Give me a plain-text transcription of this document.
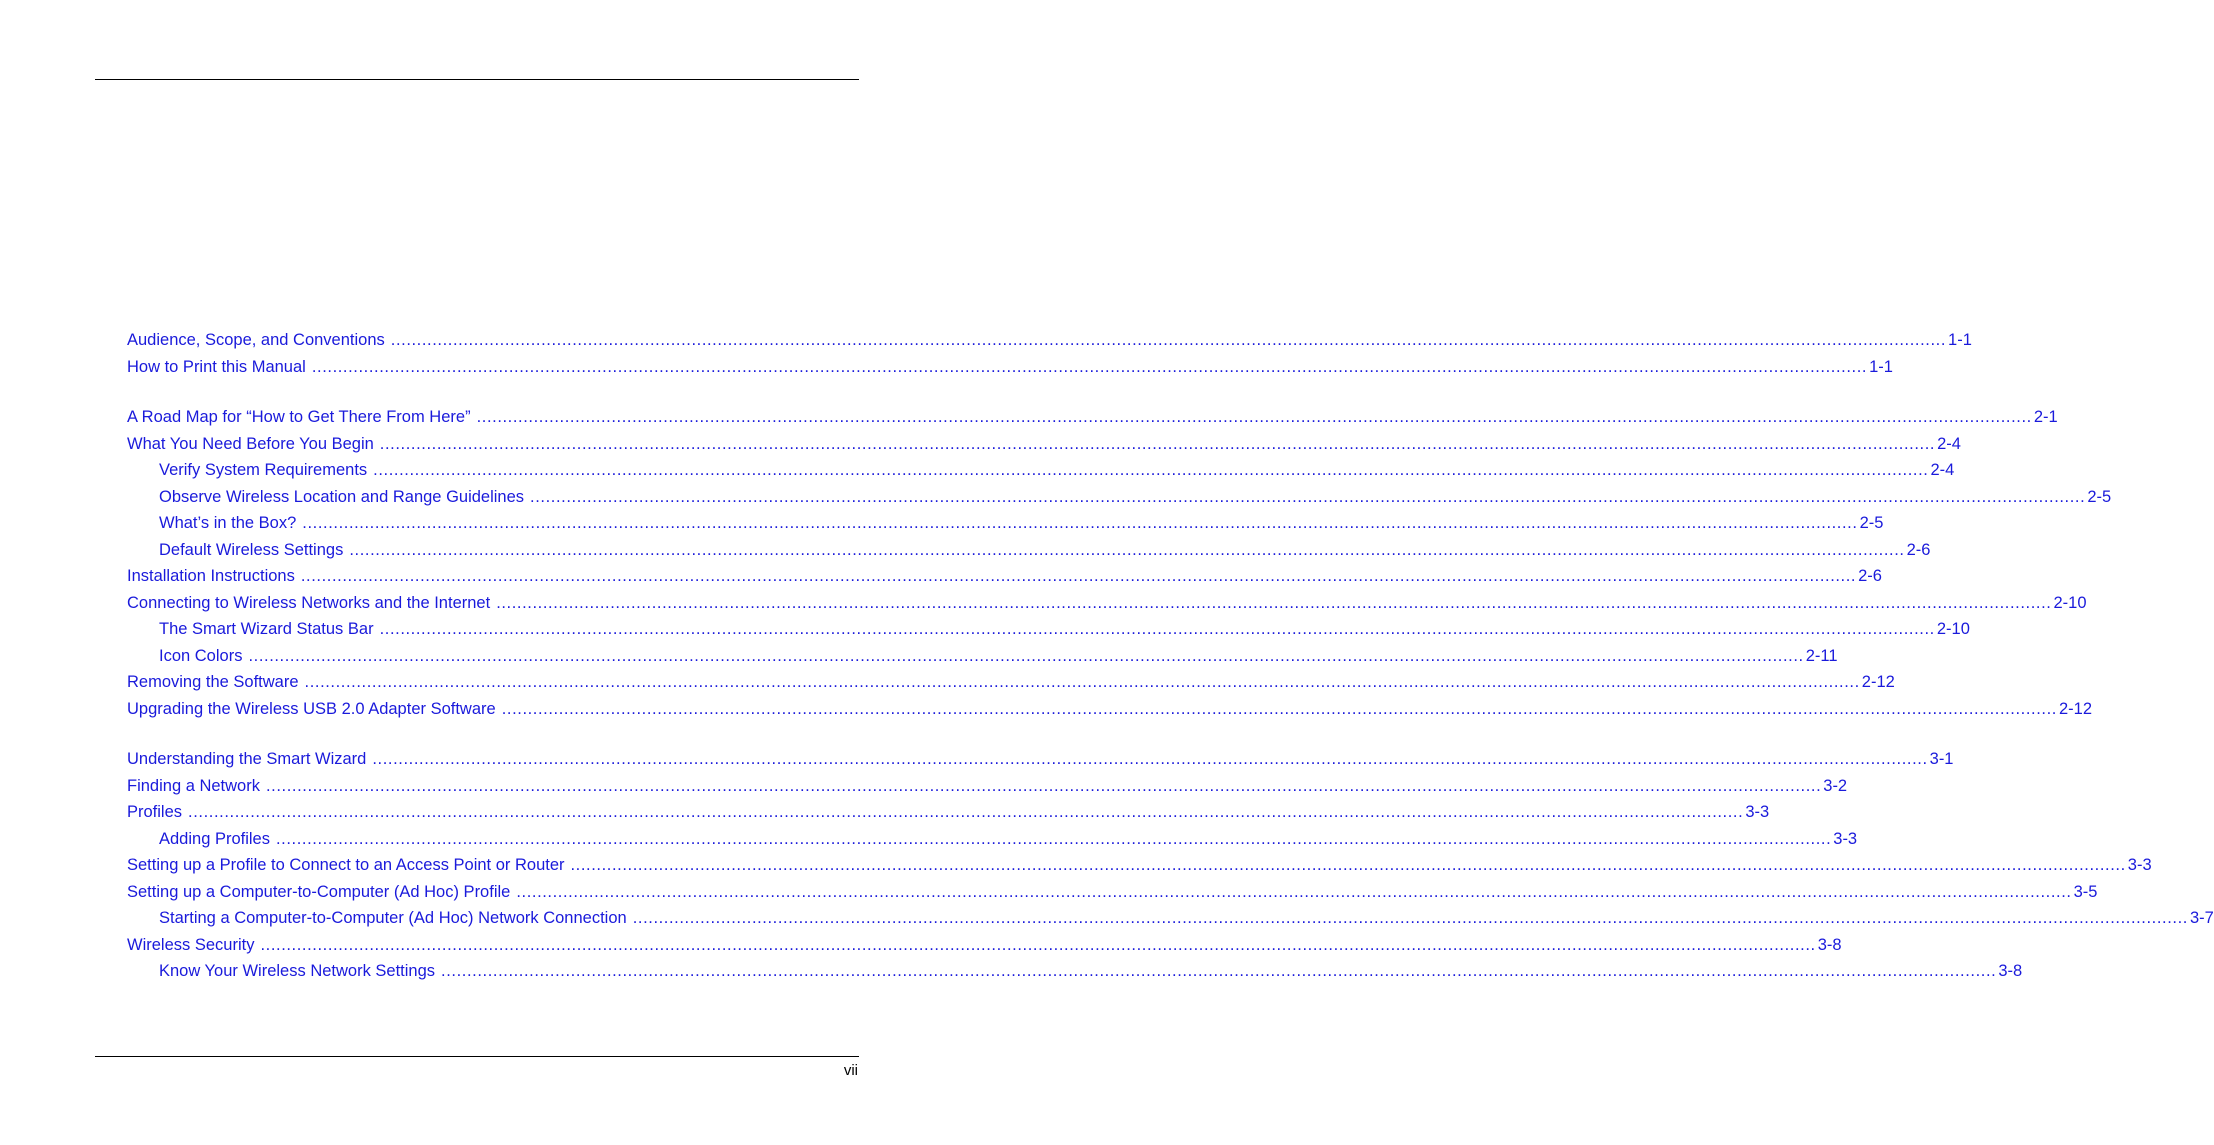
Audience, Scope, and Conventions ............................................................................................................................................................................................................................................................................................................ 1-1
How to Print this Manual ............................................................................................................................................................................................................................................................................................................ 1-1
A Road Map for “How to Get There From Here” ............................................................................................................................................................................................................................................................................................................ 2-1
What You Need Before You Begin ............................................................................................................................................................................................................................................................................................................ 2-4
Verify System Requirements ............................................................................................................................................................................................................................................................................................................ 2-4
Observe Wireless Location and Range Guidelines ............................................................................................................................................................................................................................................................................................................ 2-5
What’s in the Box? ............................................................................................................................................................................................................................................................................................................ 2-5
Default Wireless Settings ............................................................................................................................................................................................................................................................................................................ 2-6
Installation Instructions ............................................................................................................................................................................................................................................................................................................ 2-6
Connecting to Wireless Networks and the Internet ............................................................................................................................................................................................................................................................................................................ 2-10
The Smart Wizard Status Bar ............................................................................................................................................................................................................................................................................................................ 2-10
Icon Colors ............................................................................................................................................................................................................................................................................................................ 2-11
Removing the Software ............................................................................................................................................................................................................................................................................................................ 2-12
Upgrading the Wireless USB 2.0 Adapter Software ............................................................................................................................................................................................................................................................................................................ 2-12
Understanding the Smart Wizard ............................................................................................................................................................................................................................................................................................................ 3-1
Finding a Network ............................................................................................................................................................................................................................................................................................................ 3-2
Profiles ............................................................................................................................................................................................................................................................................................................ 3-3
Adding Profiles ............................................................................................................................................................................................................................................................................................................ 3-3
Setting up a Profile to Connect to an Access Point or Router ............................................................................................................................................................................................................................................................................................................ 3-3
Setting up a Computer-to-Computer (Ad Hoc) Profile ............................................................................................................................................................................................................................................................................................................ 3-5
Starting a Computer-to-Computer (Ad Hoc) Network Connection ............................................................................................................................................................................................................................................................................................................ 3-7
Wireless Security ............................................................................................................................................................................................................................................................................................................ 3-8
Know Your Wireless Network Settings ............................................................................................................................................................................................................................................................................................................ 3-8
vii
